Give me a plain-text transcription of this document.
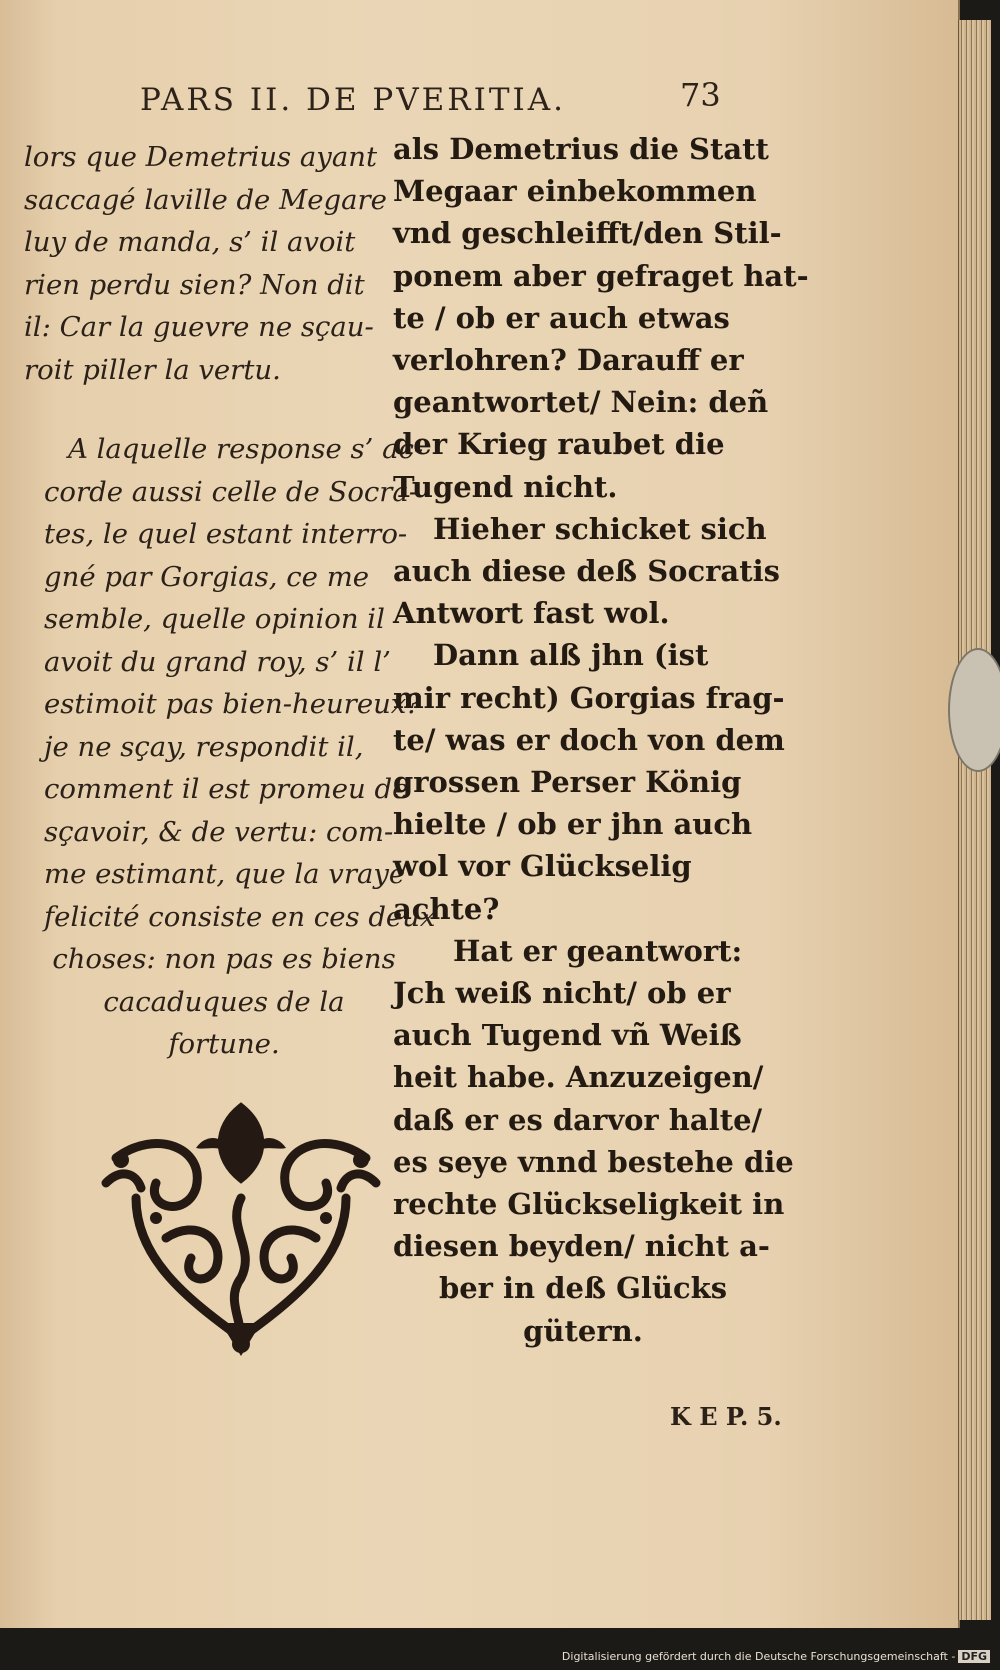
PARS II. DE PVERITIA.	73
lors que Demetrius ayant
saccagé laville de Megare
luy de manda, s’ il avoit
rien perdu sien? Non dit
il: Car la guevre ne sçau-
roit piller la vertu.
A laquelle response s’ ac-
corde aussi celle de Socra-
tes, le quel estant interro-
gné par Gorgias, ce me
semble, quelle opinion il
avoit du grand roy, s’ il l’
estimoit pas bien-heureux?
je ne sçay, respondit il,
comment il est promeu de
sçavoir, & de vertu: com-
me estimant, que la vraye
felicité consiste en ces deux
choses: non pas es biens
cacaduques de la
fortune.
als Demetrius die Statt
Megaar einbekommen
vnd geschleifft/den Stil-
ponem aber gefraget hat-
te / ob er auch etwas
verlohren? Darauff er
geantwortet/ Nein: deñ
der Krieg raubet die
Tugend nicht.
Hieher schicket sich
auch diese deß Socratis
Antwort fast wol.
Dann alß jhn (ist
mir recht) Gorgias frag-
te/ was er doch von dem
grossen Perser König
hielte / ob er jhn auch
wol vor Glückselig
achte?
Hat er geantwort:
Jch weiß nicht/ ob er
auch Tugend vñ Weiß
heit habe. Anzuzeigen/
daß er es darvor halte/
es seye vnnd bestehe die
rechte Glückseligkeit in
diesen beyden/ nicht a-
ber in deß Glücks
gütern.
K E P. 5.
Digitalisierung gefördert durch die Deutsche Forschungsgemeinschaft - DFG
